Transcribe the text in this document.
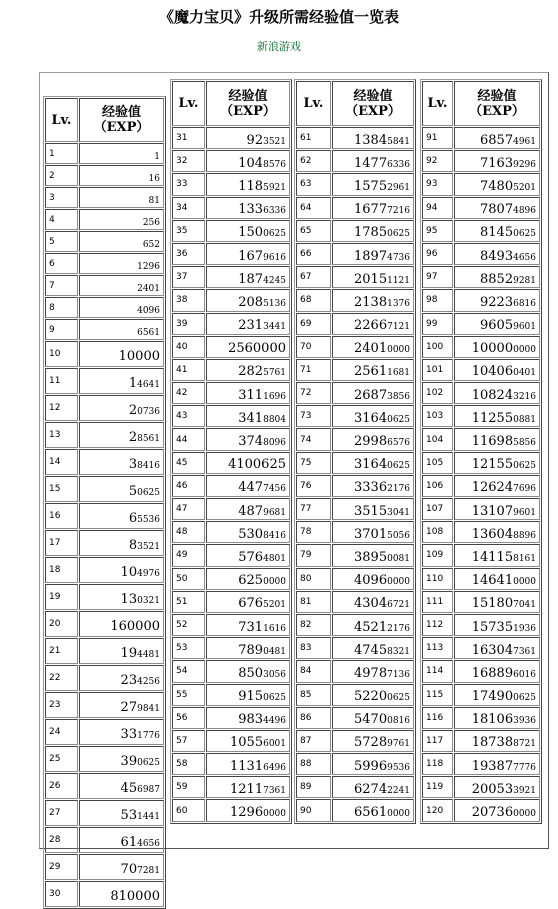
《魔力宝贝》升级所需经验值一览表
新浪游戏
Lv.	经验值
（EXP）

1	1
2	16
3	81
4	256
5	652
6	1296
7	2401
8	4096
9	6561
10	10000
11	14641
12	20736
13	28561
14	38416
15	50625
16	65536
17	83521
18	104976
19	130321
20	160000
21	194481
22	234256
23	279841
24	331776
25	390625
26	456987
27	531441
28	614656
29	707281
30	810000
Lv.	经验值
（EXP）

31	923521
32	1048576
33	1185921
34	1336336
35	1500625
36	1679616
37	1874245
38	2085136
39	2313441
40	2560000
41	2825761
42	3111696
43	3418804
44	3748096
45	4100625
46	4477456
47	4879681
48	5308416
49	5764801
50	6250000
51	6765201
52	7311616
53	7890481
54	8503056
55	9150625
56	9834496
57	10556001
58	11316496
59	12117361
60	12960000
Lv.	经验值
（EXP）

61	13845841
62	14776336
63	15752961
64	16777216
65	17850625
66	18974736
67	20151121
68	21381376
69	22667121
70	24010000
71	25611681
72	26873856
73	31640625
74	29986576
75	31640625
76	33362176
77	35153041
78	37015056
79	38950081
80	40960000
81	43046721
82	45212176
83	47458321
84	49787136
85	52200625
86	54700816
87	57289761
88	59969536
89	62742241
90	65610000
Lv.	经验值
（EXP）

91	68574961
92	71639296
93	74805201
94	78074896
95	81450625
96	84934656
97	88529281
98	92236816
99	96059601
100	100000000
101	104060401
102	108243216
103	112550881
104	116985856
105	121550625
106	126247696
107	131079601
108	136048896
109	141158161
110	146410000
111	151807041
112	157351936
113	163047361
114	168896016
115	174900625
116	181063936
117	187388721
118	193877776
119	200533921
120	207360000
